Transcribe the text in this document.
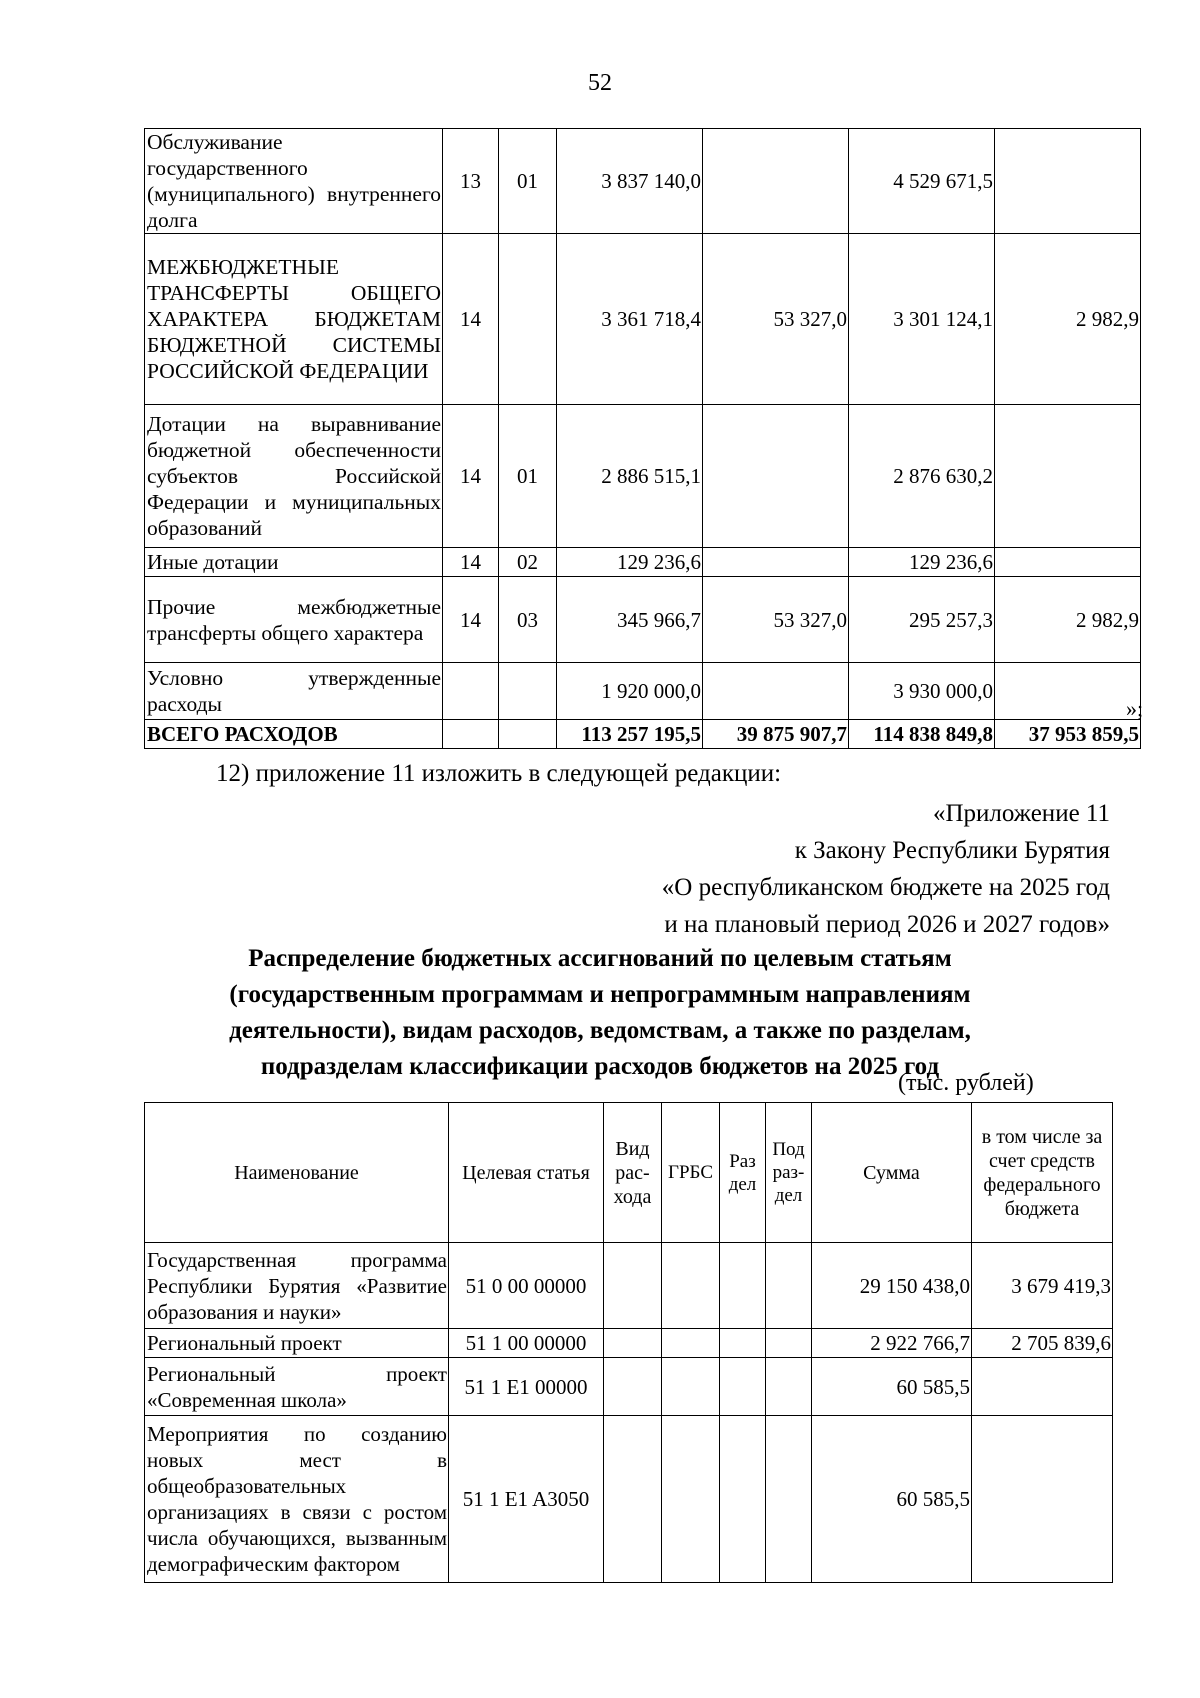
52
Обслуживание государственного (муниципального) внутреннего долга	13	01	3 837 140,0		4 529 671,5	
МЕЖБЮДЖЕТНЫЕ ТРАНСФЕРТЫ ОБЩЕГО ХАРАКТЕРА БЮДЖЕТАМ БЮДЖЕТНОЙ СИСТЕМЫ РОССИЙСКОЙ ФЕДЕРАЦИИ	14		3 361 718,4	53 327,0	3 301 124,1	2 982,9
Дотации на выравнивание бюджетной обеспеченности субъектов Российской Федерации и муниципальных образований	14	01	2 886 515,1		2 876 630,2	
Иные дотации	14	02	129 236,6		129 236,6	
Прочие межбюджетные трансферты общего характера	14	03	345 966,7	53 327,0	295 257,3	2 982,9
Условно утвержденные расходы			1 920 000,0		3 930 000,0	
ВСЕГО РАСХОДОВ			113 257 195,5	39 875 907,7	114 838 849,8	37 953 859,5
»;
12) приложение 11 изложить в следующей редакции:
«Приложение 11
к Закону Республики Бурятия
«О республиканском бюджете на 2025 год
и на плановый период 2026 и 2027 годов»
Распределение бюджетных ассигнований по целевым статьям
(государственным программам и непрограммным направлениям
деятельности), видам расходов, ведомствам, а также по разделам,
подразделам классификации расходов бюджетов на 2025 год
(тыс. рублей)
Наименование	Целевая статья	Вид рас-хода	ГРБС	Раз дел	Под раз-дел	Сумма	в том числе за счет средств федерального бюджета
Государственная программа Республики Бурятия «Развитие образования и науки»	51 0 00 00000					29 150 438,0	3 679 419,3
Региональный проект	51 1 00 00000					2 922 766,7	2 705 839,6
Региональный проект «Современная школа»	51 1 E1 00000					60 585,5	
Мероприятия по созданию новых мест в общеобразовательных организациях в связи с ростом числа обучающихся, вызванным демографическим фактором	51 1 E1 A3050					60 585,5	
